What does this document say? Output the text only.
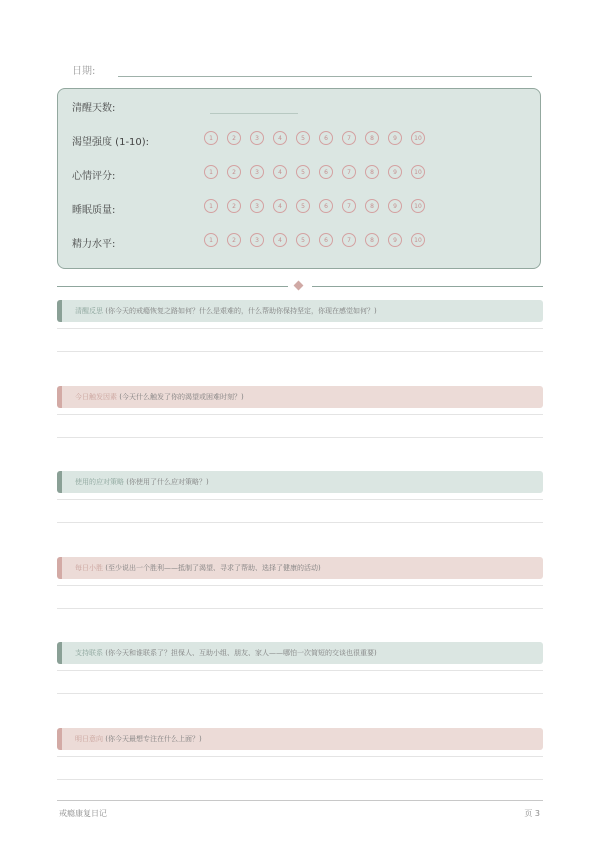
日期:
清醒天数:
渴望强度 (1-10):	1	2	3	4	5	6	7	8	9	10
心情评分:	1	2	3	4	5	6	7	8	9	10
睡眠质量:	1	2	3	4	5	6	7	8	9	10
精力水平:	1	2	3	4	5	6	7	8	9	10
清醒反思 (你今天的戒瘾恢复之路如何？什么是艰难的，什么帮助你保持坚定，你现在感觉如何？)
今日触发因素 (今天什么触发了你的渴望或困难时刻？)
使用的应对策略 (你使用了什么应对策略？)
每日小胜 (至少说出一个胜利——抵制了渴望、寻求了帮助、选择了健康的活动)
支持联系 (你今天和谁联系了？担保人、互助小组、朋友、家人——哪怕一次简短的交谈也很重要)
明日意向 (你今天最想专注在什么上面？)
戒瘾康复日记	页 3
